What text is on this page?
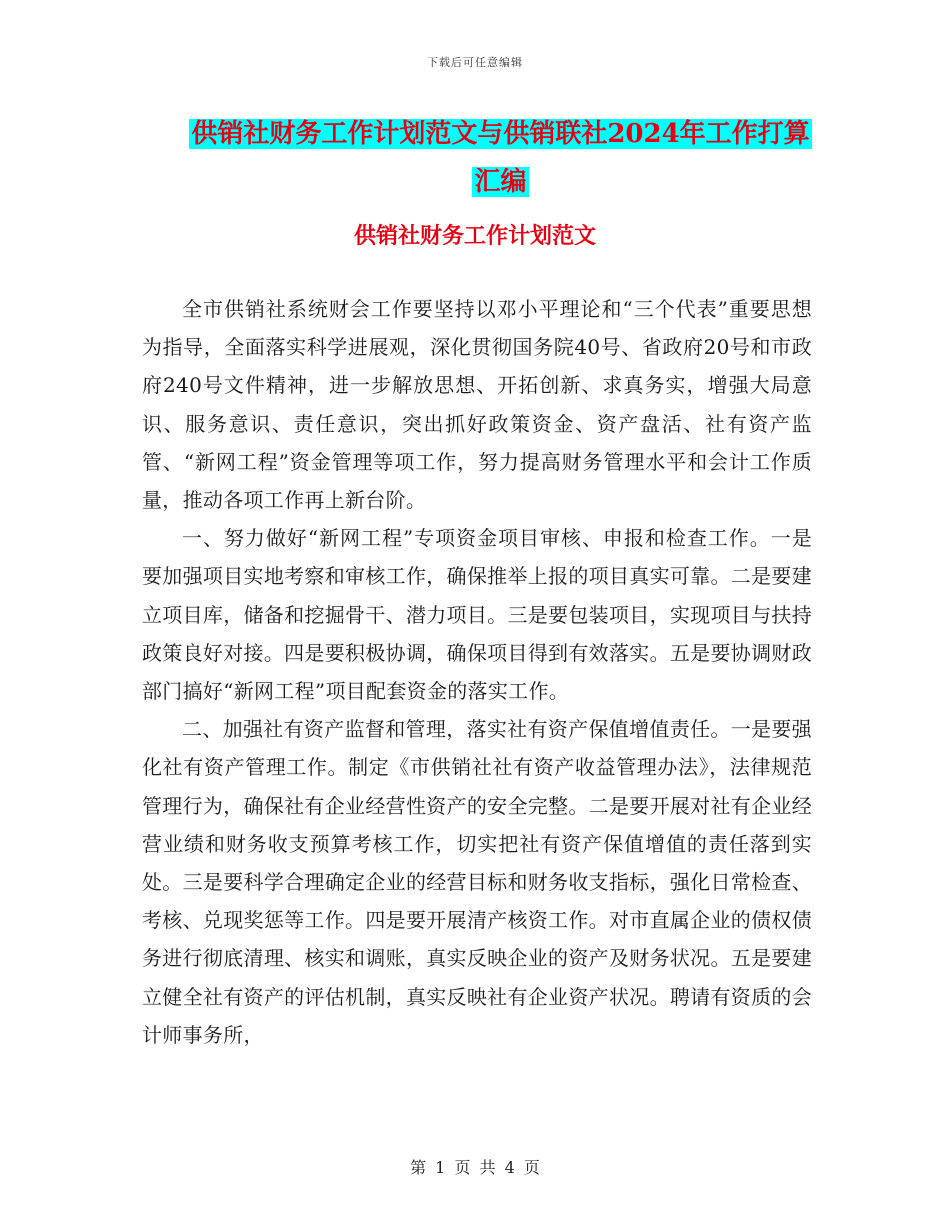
下载后可任意编辑
供销社财务工作计划范文与供销联社2024年工作打算
汇编
供销社财务工作计划范文

全市供销社系统财会工作要坚持以邓小平理论和“三个代表”重要思想为指导，全面落实科学进展观，深化贯彻国务院40号、省政府20号和市政府240号文件精神，进一步解放思想、开拓创新、求真务实，增强大局意识、服务意识、责任意识，突出抓好政策资金、资产盘活、社有资产监管、“新网工程”资金管理等项工作，努力提高财务管理水平和会计工作质量，推动各项工作再上新台阶。

一、努力做好“新网工程”专项资金项目审核、申报和检查工作。一是要加强项目实地考察和审核工作，确保推举上报的项目真实可靠。二是要建立项目库，储备和挖掘骨干、潜力项目。三是要包装项目，实现项目与扶持政策良好对接。四是要积极协调，确保项目得到有效落实。五是要协调财政部门搞好“新网工程”项目配套资金的落实工作。

二、加强社有资产监督和管理，落实社有资产保值增值责任。一是要强化社有资产管理工作。制定《市供销社社有资产收益管理办法》，法律规范管理行为，确保社有企业经营性资产的安全完整。二是要开展对社有企业经营业绩和财务收支预算考核工作，切实把社有资产保值增值的责任落到实处。三是要科学合理确定企业的经营目标和财务收支指标，强化日常检查、考核、兑现奖惩等工作。四是要开展清产核资工作。对市直属企业的债权债务进行彻底清理、核实和调账，真实反映企业的资产及财务状况。五是要建立健全社有资产的评估机制，真实反映社有企业资产状况。聘请有资质的会计师事务所，

第 1 页 共 4 页
